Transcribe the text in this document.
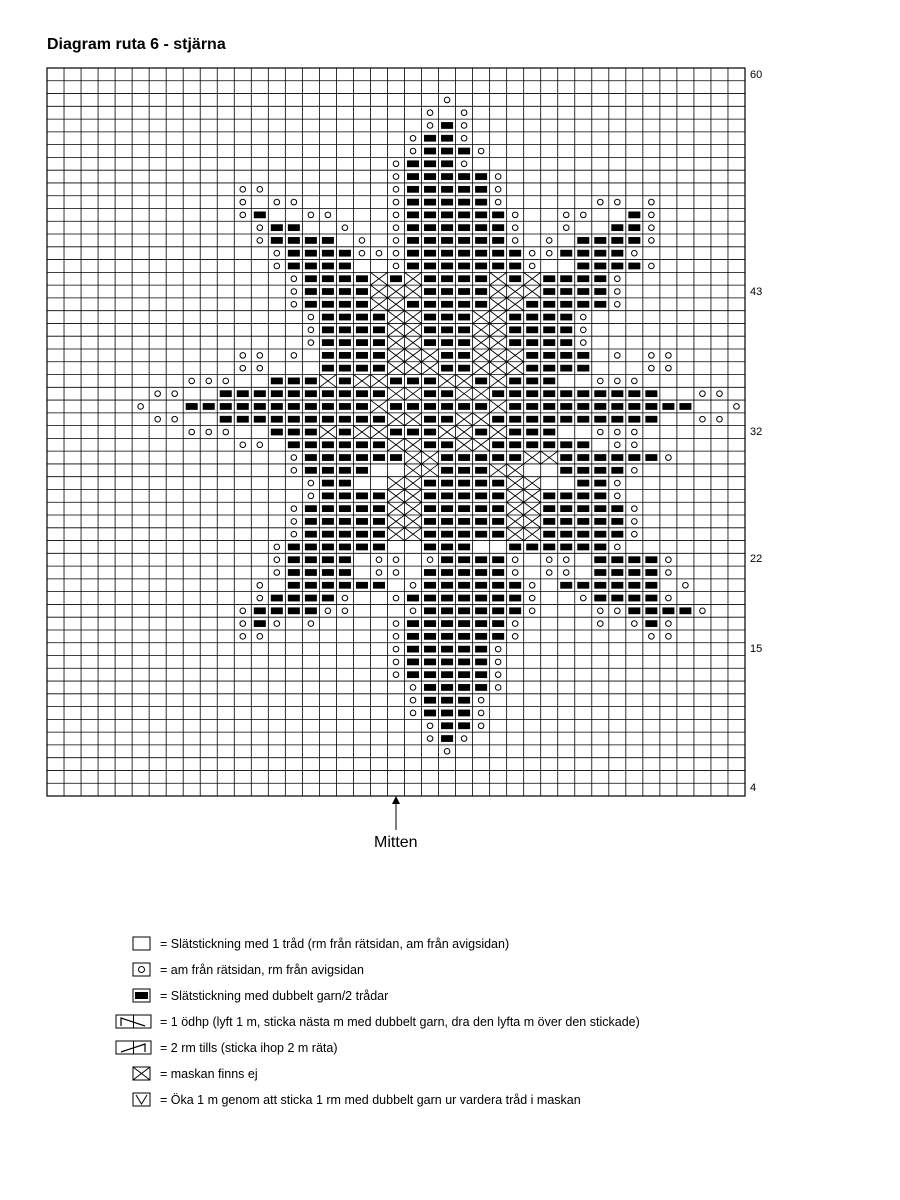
Diagram ruta 6 - stjärna
60
43
32
22
15
4
Mitten
= Slätstickning med 1 tråd (rm från rätsidan, am från avigsidan)
= am från rätsidan, rm från avigsidan
= Slätstickning med dubbelt garn/2 trådar
= 1 ödhp (lyft 1 m, sticka nästa m med dubbelt garn, dra den lyfta m över den stickade)
= 2 rm tills (sticka ihop 2 m räta)
= maskan finns ej
= Öka 1 m genom att sticka 1 rm med dubbelt garn ur vardera tråd i maskan
